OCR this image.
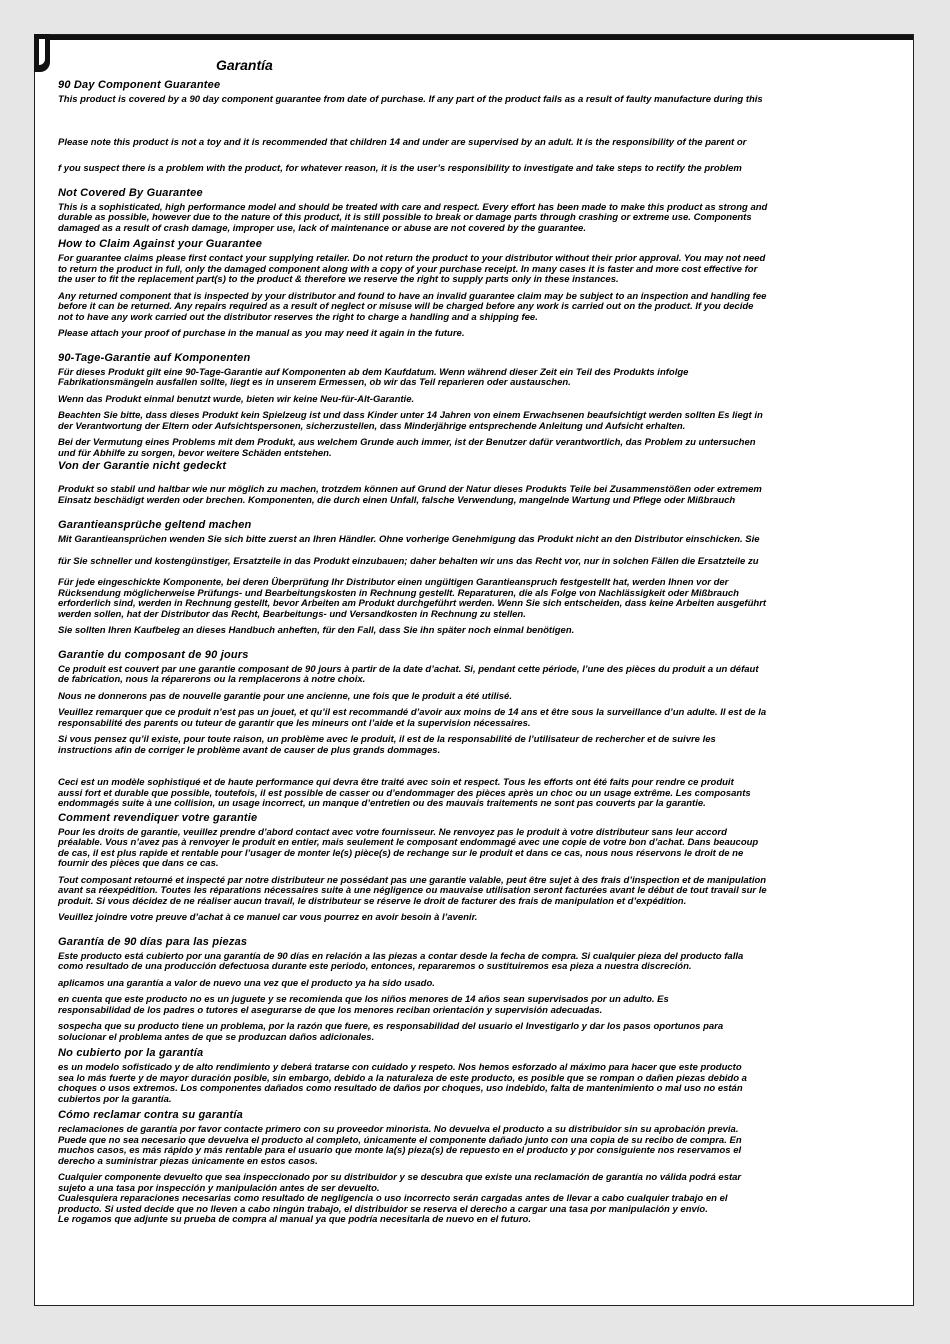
Garantía
90 Day Component Guarantee
This product is covered by a 90 day component guarantee from date of purchase. If any part of the product fails as a result of faulty manufacture during this
Please note this product is not a toy and it is recommended that children 14 and under are supervised by an adult. It is the responsibility of the parent or
f you suspect there is a problem with the product, for whatever reason, it is the user’s responsibility to investigate and take steps to rectify the problem
Not Covered By Guarantee
This is a sophisticated, high performance model and should be treated with care and respect. Every effort has been made to make this product as strong and
durable as possible, however due to the nature of this product, it is still possible to break or damage parts through crashing or extreme use. Components
damaged as a result of crash damage, improper use, lack of maintenance or abuse are not covered by the guarantee.
How to Claim Against your Guarantee
For guarantee claims please first contact your supplying retailer. Do not return the product to your distributor without their prior approval. You may not need
to return the product in full, only the damaged component along with a copy of your purchase receipt. In many cases it is faster and more cost effective for
the user to fit the replacement part(s) to the product & therefore we reserve the right to supply parts only in these instances.
Any returned component that is inspected by your distributor and found to have an invalid guarantee claim may be subject to an inspection and handling fee
before it can be returned. Any repairs required as a result of neglect or misuse will be charged before any work is carried out on the product. If you decide
not to have any work carried out the distributor reserves the right to charge a handling and a shipping fee.
Please attach your proof of purchase in the manual as you may need it again in the future.
90-Tage-Garantie auf Komponenten
Für dieses Produkt gilt eine 90-Tage-Garantie auf Komponenten ab dem Kaufdatum. Wenn während dieser Zeit ein Teil des Produkts infolge
Fabrikationsmängeln ausfallen sollte, liegt es in unserem Ermessen, ob wir das Teil reparieren oder austauschen.
Wenn das Produkt einmal benutzt wurde, bieten wir keine Neu-für-Alt-Garantie.
Beachten Sie bitte, dass dieses Produkt kein Spielzeug ist und dass Kinder unter 14 Jahren von einem Erwachsenen beaufsichtigt werden sollten Es liegt in
der Verantwortung der Eltern oder Aufsichtspersonen, sicherzustellen, dass Minderjährige entsprechende Anleitung und Aufsicht erhalten.
Bei der Vermutung eines Problems mit dem Produkt, aus welchem Grunde auch immer, ist der Benutzer dafür verantwortlich, das Problem zu untersuchen
und für Abhilfe zu sorgen, bevor weitere Schäden entstehen.
Von der Garantie nicht gedeckt
Produkt so stabil und haltbar wie nur möglich zu machen, trotzdem können auf Grund der Natur dieses Produkts Teile bei Zusammenstößen oder extremem
Einsatz beschädigt werden oder brechen. Komponenten, die durch einen Unfall, falsche Verwendung, mangelnde Wartung und Pflege oder Mißbrauch
Garantieansprüche geltend machen
Mit Garantieansprüchen wenden Sie sich bitte zuerst an Ihren Händler. Ohne vorherige Genehmigung das Produkt nicht an den Distributor einschicken. Sie
für Sie schneller und kostengünstiger, Ersatzteile in das Produkt einzubauen; daher behalten wir uns das Recht vor, nur in solchen Fällen die Ersatzteile zu
Für jede eingeschickte Komponente, bei deren Überprüfung Ihr Distributor einen ungültigen Garantieanspruch festgestellt hat, werden Ihnen vor der
Rücksendung möglicherweise Prüfungs- und Bearbeitungskosten in Rechnung gestellt. Reparaturen, die als Folge von Nachlässigkeit oder Mißbrauch
erforderlich sind, werden in Rechnung gestellt, bevor Arbeiten am Produkt durchgeführt werden. Wenn Sie sich entscheiden, dass keine Arbeiten ausgeführt
werden sollen, hat der Distributor das Recht, Bearbeitungs- und Versandkosten in Rechnung zu stellen.
Sie sollten Ihren Kaufbeleg an dieses Handbuch anheften, für den Fall, dass Sie ihn später noch einmal benötigen.
Garantie du composant de 90 jours
Ce produit est couvert par une garantie composant de 90 jours à partir de la date d’achat. Si, pendant cette période, l’une des pièces du produit a un défaut
de fabrication, nous la réparerons ou la remplacerons à notre choix.
Nous ne donnerons pas de nouvelle garantie pour une ancienne, une fois que le produit a été utilisé.
Veuillez remarquer que ce produit n’est pas un jouet, et qu’il est recommandé d’avoir aux moins de 14 ans et être sous la surveillance d’un adulte. Il est de la
responsabilité des parents ou tuteur de garantir que les mineurs ont l’aide et la supervision nécessaires.
Si vous pensez qu’il existe, pour toute raison, un problème avec le produit, il est de la responsabilité de l’utilisateur de rechercher et de suivre les
instructions afin de corriger le problème avant de causer de plus grands dommages.
Ceci est un modèle sophistiqué et de haute performance qui devra être traité avec soin et respect. Tous les efforts ont été faits pour rendre ce produit
aussi fort et durable que possible, toutefois, il est possible de casser ou d’endommager des pièces après un choc ou un usage extrême. Les composants
endommagés suite à une collision, un usage incorrect, un manque d’entretien ou des mauvais traitements ne sont pas couverts par la garantie.
Comment revendiquer votre garantie
Pour les droits de garantie, veuillez prendre d’abord contact avec votre fournisseur. Ne renvoyez pas le produit à votre distributeur sans leur accord
préalable. Vous n’avez pas à renvoyer le produit en entier, mais seulement le composant endommagé avec une copie de votre bon d’achat. Dans beaucoup
de cas, il est plus rapide et rentable pour l’usager de monter le(s) pièce(s) de rechange sur le produit et dans ce cas, nous nous réservons le droit de ne
fournir des pièces que dans ce cas.
Tout composant retourné et inspecté par notre distributeur ne possédant pas une garantie valable, peut être sujet à des frais d’inspection et de manipulation
avant sa réexpédition. Toutes les réparations nécessaires suite à une négligence ou mauvaise utilisation seront facturées avant le début de tout travail sur le
produit. Si vous décidez de ne réaliser aucun travail, le distributeur se réserve le droit de facturer des frais de manipulation et d’expédition.
Veuillez joindre votre preuve d’achat à ce manuel car vous pourrez en avoir besoin à l’avenir.
Garantía de 90 días para las piezas
Este producto está cubierto por una garantía de 90 días en relación a las piezas a contar desde la fecha de compra. Si cualquier pieza del producto falla
como resultado de una producción defectuosa durante este periodo, entonces, repararemos o sustituiremos esa pieza a nuestra discreción.
aplicamos una garantía a valor de nuevo una vez que el producto ya ha sido usado.
en cuenta que este producto no es un juguete y se recomienda que los niños menores de 14 años sean supervisados por un adulto. Es
responsabilidad de los padres o tutores el asegurarse de que los menores reciban orientación y supervisión adecuadas.
sospecha que su producto tiene un problema, por la razón que fuere, es responsabilidad del usuario el Investigarlo y dar los pasos oportunos para
solucionar el problema antes de que se produzcan daños adicionales.
No cubierto por la garantía
es un modelo sofisticado y de alto rendimiento y deberá tratarse con cuidado y respeto. Nos hemos esforzado al máximo para hacer que este producto
sea lo más fuerte y de mayor duración posible, sin embargo, debido a la naturaleza de este producto, es posible que se rompan o dañen piezas debido a
choques o usos extremos. Los componentes dañados como resultado de daños por choques, uso indebido, falta de mantenimiento o mal uso no están
cubiertos por la garantía.
Cómo reclamar contra su garantía
reclamaciones de garantía por favor contacte primero con su proveedor minorista. No devuelva el producto a su distribuidor sin su aprobación previa.
Puede que no sea necesario que devuelva el producto al completo, únicamente el componente dañado junto con una copia de su recibo de compra. En
muchos casos, es más rápido y más rentable para el usuario que monte la(s) pieza(s) de repuesto en el producto y por consiguiente nos reservamos el
derecho a suministrar piezas únicamente en estos casos.
Cualquier componente devuelto que sea inspeccionado por su distribuidor y se descubra que existe una reclamación de garantía no válida podrá estar
sujeto a una tasa por inspección y manipulación antes de ser devuelto.
Cualesquiera reparaciones necesarias como resultado de negligencia o uso incorrecto serán cargadas antes de llevar a cabo cualquier trabajo en el
producto. Si usted decide que no lleven a cabo ningún trabajo, el distribuidor se reserva el derecho a cargar una tasa por manipulación y envío.
Le rogamos que adjunte su prueba de compra al manual ya que podría necesitarla de nuevo en el futuro.
